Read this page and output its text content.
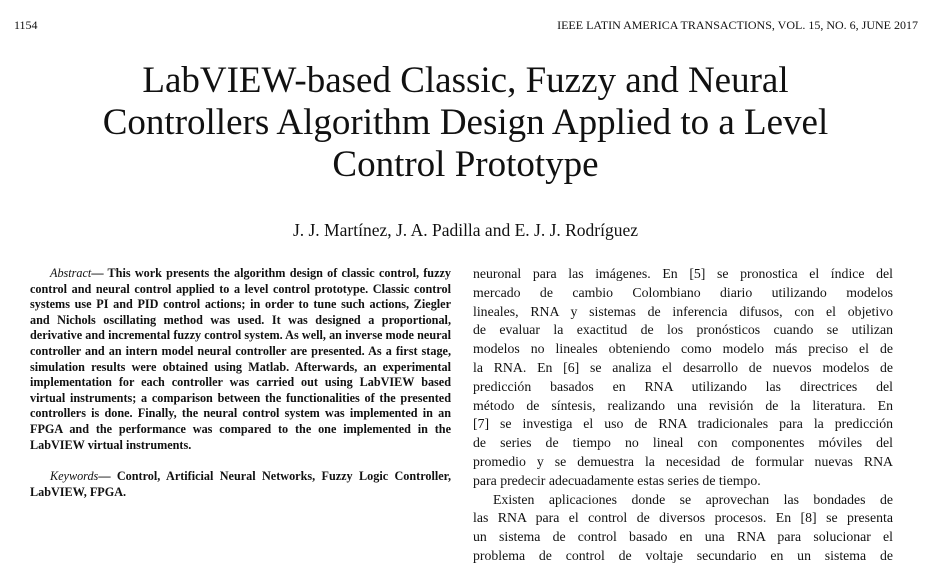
1154	IEEE LATIN AMERICA TRANSACTIONS, VOL. 15, NO. 6, JUNE 2017
LabVIEW-based Classic, Fuzzy and Neural
Controllers Algorithm Design Applied to a Level
Control Prototype
J. J. Martínez, J. A. Padilla and E. J. J. Rodríguez

Abstract— This work presents the algorithm design of classic control, fuzzy control and neural control applied to a level control prototype. Classic control systems use PI and PID control actions; in order to tune such actions, Ziegler and Nichols oscillating method was used. It was designed a proportional, derivative and incremental fuzzy control system. As well, an inverse mode neural controller and an intern model neural controller are presented. As a first stage, simulation results were obtained using Matlab. Afterwards, an experimental implementation for each controller was carried out using LabVIEW based virtual instruments; a comparison between the functionalities of the presented controllers is done. Finally, the neural control system was implemented in an FPGA and the performance was compared to the one implemented in the LabVIEW virtual instruments.

Keywords— Control, Artificial Neural Networks, Fuzzy Logic Controller, LabVIEW, FPGA.

neuronal para las imágenes. En [5] se pronostica el índice del
mercado de cambio Colombiano diario utilizando modelos
lineales, RNA y sistemas de inferencia difusos, con el objetivo
de evaluar la exactitud de los pronósticos cuando se utilizan
modelos no lineales obteniendo como modelo más preciso el de
la RNA. En [6] se analiza el desarrollo de nuevos modelos de
predicción basados en RNA utilizando las directrices del
método de síntesis, realizando una revisión de la literatura. En
[7] se investiga el uso de RNA tradicionales para la predicción
de series de tiempo no lineal con componentes móviles del
promedio y se demuestra la necesidad de formular nuevas RNA
para predecir adecuadamente estas series de tiempo.

Existen aplicaciones donde se aprovechan las bondades de
las RNA para el control de diversos procesos. En [8] se presenta
un sistema de control basado en una RNA para solucionar el
problema de control de voltaje secundario en un sistema de
